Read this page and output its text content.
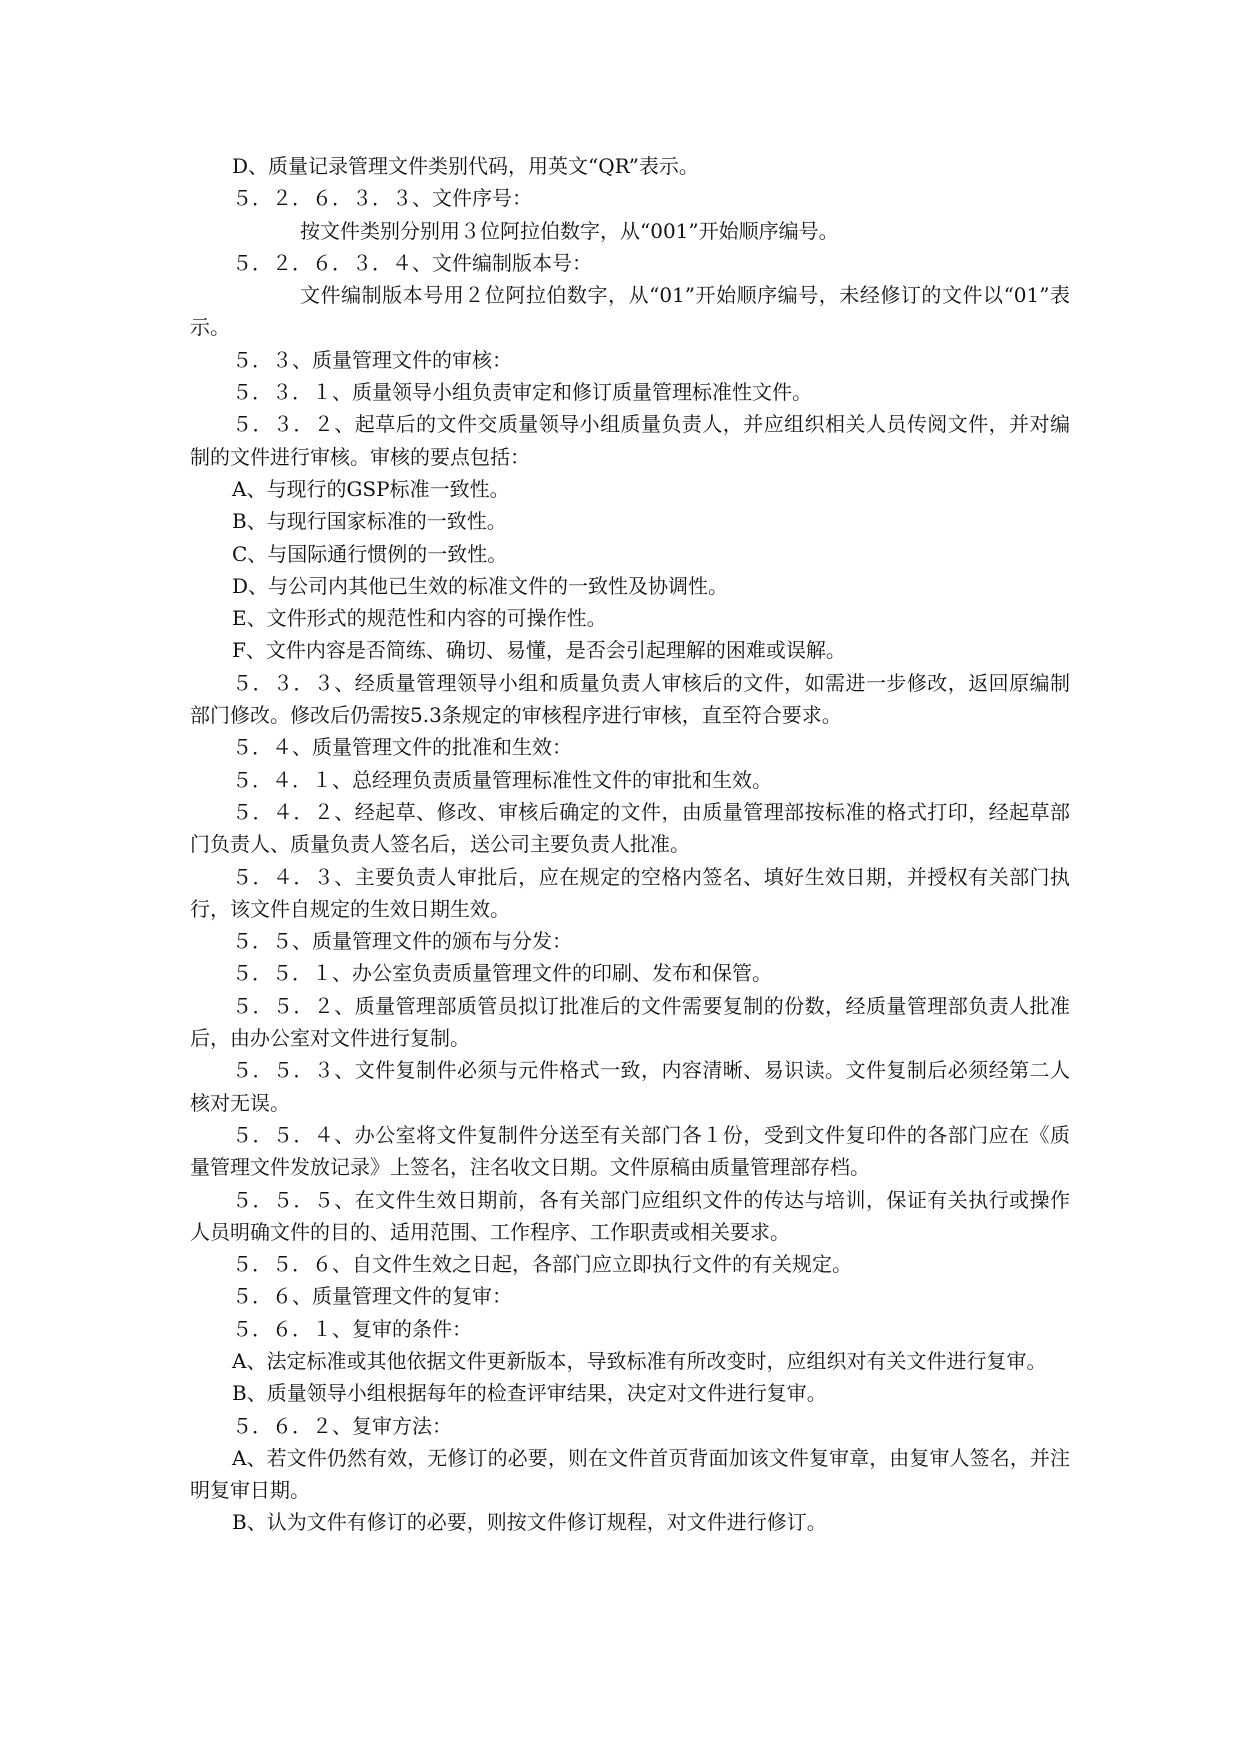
D、质量记录管理文件类别代码，用英文“QR”表示。

５．２．６．３．３、文件序号：

按文件类别分别用３位阿拉伯数字，从“001”开始顺序编号。

５．２．６．３．４、文件编制版本号：

文件编制版本号用２位阿拉伯数字，从“01”开始顺序编号，未经修订的文件以“01”表示。

５．３、质量管理文件的审核：

５．３．１、质量领导小组负责审定和修订质量管理标准性文件。

５．３．２、起草后的文件交质量领导小组质量负责人，并应组织相关人员传阅文件，并对编制的文件进行审核。审核的要点包括：

A、与现行的GSP标准一致性。

B、与现行国家标准的一致性。

C、与国际通行惯例的一致性。

D、与公司内其他已生效的标准文件的一致性及协调性。

E、文件形式的规范性和内容的可操作性。

F、文件内容是否简练、确切、易懂，是否会引起理解的困难或误解。

５．３．３、经质量管理领导小组和质量负责人审核后的文件，如需进一步修改，返回原编制部门修改。修改后仍需按5.3条规定的审核程序进行审核，直至符合要求。

５．４、质量管理文件的批准和生效：

５．４．１、总经理负责质量管理标准性文件的审批和生效。

５．４．２、经起草、修改、审核后确定的文件，由质量管理部按标准的格式打印，经起草部门负责人、质量负责人签名后，送公司主要负责人批准。

５．４．３、主要负责人审批后，应在规定的空格内签名、填好生效日期，并授权有关部门执行，该文件自规定的生效日期生效。

５．５、质量管理文件的颁布与分发：

５．５．１、办公室负责质量管理文件的印刷、发布和保管。

５．５．２、质量管理部质管员拟订批准后的文件需要复制的份数，经质量管理部负责人批准后，由办公室对文件进行复制。

５．５．３、文件复制件必须与元件格式一致，内容清晰、易识读。文件复制后必须经第二人核对无误。

５．５．４、办公室将文件复制件分送至有关部门各１份，受到文件复印件的各部门应在《质量管理文件发放记录》上签名，注名收文日期。文件原稿由质量管理部存档。

５．５．５、在文件生效日期前，各有关部门应组织文件的传达与培训，保证有关执行或操作人员明确文件的目的、适用范围、工作程序、工作职责或相关要求。

５．５．６、自文件生效之日起，各部门应立即执行文件的有关规定。

５．６、质量管理文件的复审：

５．６．１、复审的条件：

A、法定标准或其他依据文件更新版本，导致标准有所改变时，应组织对有关文件进行复审。

B、质量领导小组根据每年的检查评审结果，决定对文件进行复审。

５．６．２、复审方法：

A、若文件仍然有效，无修订的必要，则在文件首页背面加该文件复审章，由复审人签名，并注明复审日期。

B、认为文件有修订的必要，则按文件修订规程，对文件进行修订。
